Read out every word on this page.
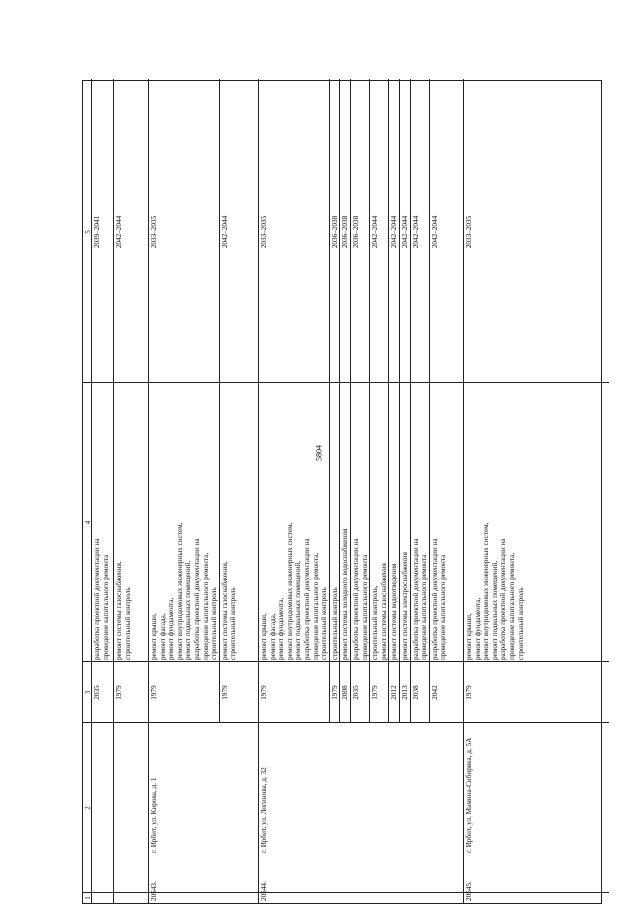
5804
1
2
3
4
5
2035
разработка проектной документации на проведение капитального ремонта
2039–2041
1979
ремонт системы газоснабжения, строительный контроль
2042–2044
20543.
г. Ирбит, ул. Кирова, д. 1
1979
ремонт крыши, ремонт фасада, ремонт фундамента, ремонт внутридомовых инженерных систем, ремонт подвальных помещений, разработка проектной документации на проведение капитального ремонта, строительный контроль
2033–2035
1979
ремонт системы газоснабжения, строительный контроль
2042–2044
20544.
г. Ирбит, ул. Логинова, д. 32
1979
ремонт крыши, ремонт фасада, ремонт фундамента, ремонт внутридомовых инженерных систем, ремонт подвальных помещений, разработка проектной документации на проведение капитального ремонта, строительный контроль
2033–2035
1979
строительный контроль
2036–2038
2008
ремонт системы холодного водоснабжения
2036–2038
2035
разработка проектной документации на проведение капитального ремонта
2036–2038
1979
строительный контроль, ремонт системы газоснабжения
2042–2044
2012
ремонт системы водоотведения
2042–2044
2013
ремонт системы электроснабжения
2042–2044
2038
разработка проектной документации на проведение капитального ремонта
2042–2044
2042
разработка проектной документации на проведение капитального ремонта
2042–2044
20545.
г. Ирбит, ул. Мамина-Сибиряка, д. 5А
1979
ремонт крыши, ремонт фундамента, ремонт внутридомовых инженерных систем, ремонт подвальных помещений, разработка проектной документации на проведение капитального ремонта, строительный контроль
2033–2035
